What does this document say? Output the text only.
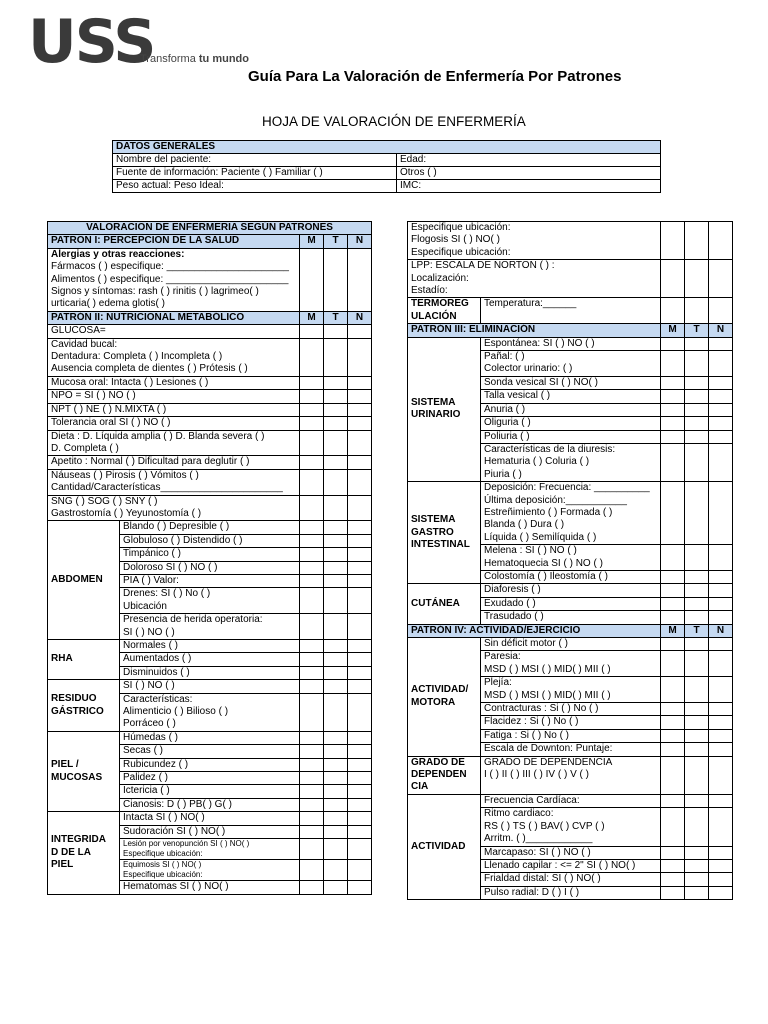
USS
Transforma tu mundo
Guía Para La Valoración de Enfermería Por Patrones
HOJA DE VALORACIÓN DE ENFERMERÍA
DATOS GENERALES	
Nombre del paciente:	Edad:
Fuente de información: Paciente ( ) Familiar ( )	Otros ( )
Peso actual: Peso Ideal:	IMC:
VALORACION DE ENFERMERIA SEGÚN PATRONES				
PATRON I: PERCEPCION DE LA SALUD		M	T	N

Alergias y otras reacciones:
Fármacos ( ) especifique: ______________________
Alimentos ( ) especifique: ______________________
Signos y síntomas: rash ( ) rinitis ( ) lagrimeo( )
urticaria( ) edema glotis( )				

PATRÓN II: NUTRICIONAL METABÓLICO		M	T	N
GLUCOSA=				
Cavidad bucal:
Dentadura: Completa ( ) Incompleta ( )
Ausencia completa de dientes ( ) Prótesis ( )				
Mucosa oral: Intacta ( ) Lesiones ( )				
NPO = SI ( ) NO ( )				
NPT ( ) NE ( ) N.MIXTA ( )				
Tolerancia oral SI ( ) NO ( )				
Dieta : D. Líquida amplia ( ) D. Blanda severa ( )
D. Completa ( )				
Apetito : Normal ( ) Dificultad para deglutir ( )				
Náuseas ( ) Pirosis ( ) Vómitos ( )
Cantidad/Características______________________				
SNG ( ) SOG ( ) SNY ( )
Gastrostomía ( ) Yeyunostomía ( )				
ABDOMEN	Blando ( ) Depresible ( )			
	Globuloso ( ) Distendido ( )			
	Timpánico ( )			
	Doloroso SI ( ) NO ( )			
	PIA ( ) Valor:			
	Drenes: SI ( ) No ( )
Ubicación			
	Presencia de herida operatoria:
SI ( ) NO ( )			
RHA	Normales ( )			
	Aumentados ( )			
	Disminuidos ( )			
RESIDUO
GÁSTRICO	SI ( ) NO ( )			
	Características:
Alimenticio ( ) Bilioso ( )
Porráceo ( )			
PIEL /
MUCOSAS	Húmedas ( )			
	Secas ( )			
	Rubicundez ( )			
	Palidez ( )			
	Ictericia ( )			
	Cianosis: D ( ) PB( ) G( )			
INTEGRIDA
D DE LA
PIEL	Intacta SI ( ) NO( )			
	Sudoración SI ( ) NO( )			
	Lesión por venopunción SI ( ) NO( )
Especifique ubicación:			
	Equimosis SI ( ) NO( )
Especifique ubicación:			
	Hematomas SI ( ) NO( )			
Especifique ubicación:
Flogosis SI ( ) NO( )
Especifique ubicación:				
LPP: ESCALA DE NORTON ( ) :
Localización:
Estadío:				
TERMOREG
ULACIÓN	Temperatura:______			
PATRÓN III: ELIMINACIÓN		M	T	N
SISTEMA
URINARIO	Espontánea: SI ( ) NO ( )			
	Pañal: ( )
Colector urinario: ( )			
	Sonda vesical SI ( ) NO( )			
	Talla vesical ( )			
	Anuria ( )			
	Oliguria ( )			
	Poliuria ( )			
	Características de la diuresis:
Hematuria ( ) Coluria ( )
Piuria ( )			
SISTEMA
GASTRO
INTESTINAL	Deposición: Frecuencia: __________
Última deposición:___________
Estreñimiento ( ) Formada ( )
Blanda ( ) Dura ( )
Líquida ( ) Semilíquida ( )			
	Melena : SI ( ) NO ( )
Hematoquecia SI ( ) NO ( )			
	Colostomía ( ) Ileostomía ( )			
CUTÁNEA	Diaforesis ( )			
	Exudado ( )			
	Trasudado ( )			
PATRÓN IV: ACTIVIDAD/EJERCICIO		M	T	N
ACTIVIDAD/
MOTORA	Sin déficit motor ( )			
	Paresia:
MSD ( ) MSI ( ) MID( ) MII ( )			
	Plejía:
MSD ( ) MSI ( ) MID( ) MII ( )			
	Contracturas : Si ( ) No ( )			
	Flacidez : Si ( ) No ( )			
	Fatiga : Si ( ) No ( )			
	Escala de Downton: Puntaje:			
GRADO DE
DEPENDEN
CIA	GRADO DE DEPENDENCIA
I ( ) II ( ) III ( ) IV ( ) V ( )			
ACTIVIDAD	Frecuencia Cardíaca:			
	Ritmo cardiaco:
RS ( ) TS ( ) BAV( ) CVP ( )
Arritm. ( )____________			
	Marcapaso: SI ( ) NO ( )			
	Llenado capilar : <= 2" SI ( ) NO( )			
	Frialdad distal: SI ( ) NO( )			
	Pulso radial: D ( ) I ( )			
